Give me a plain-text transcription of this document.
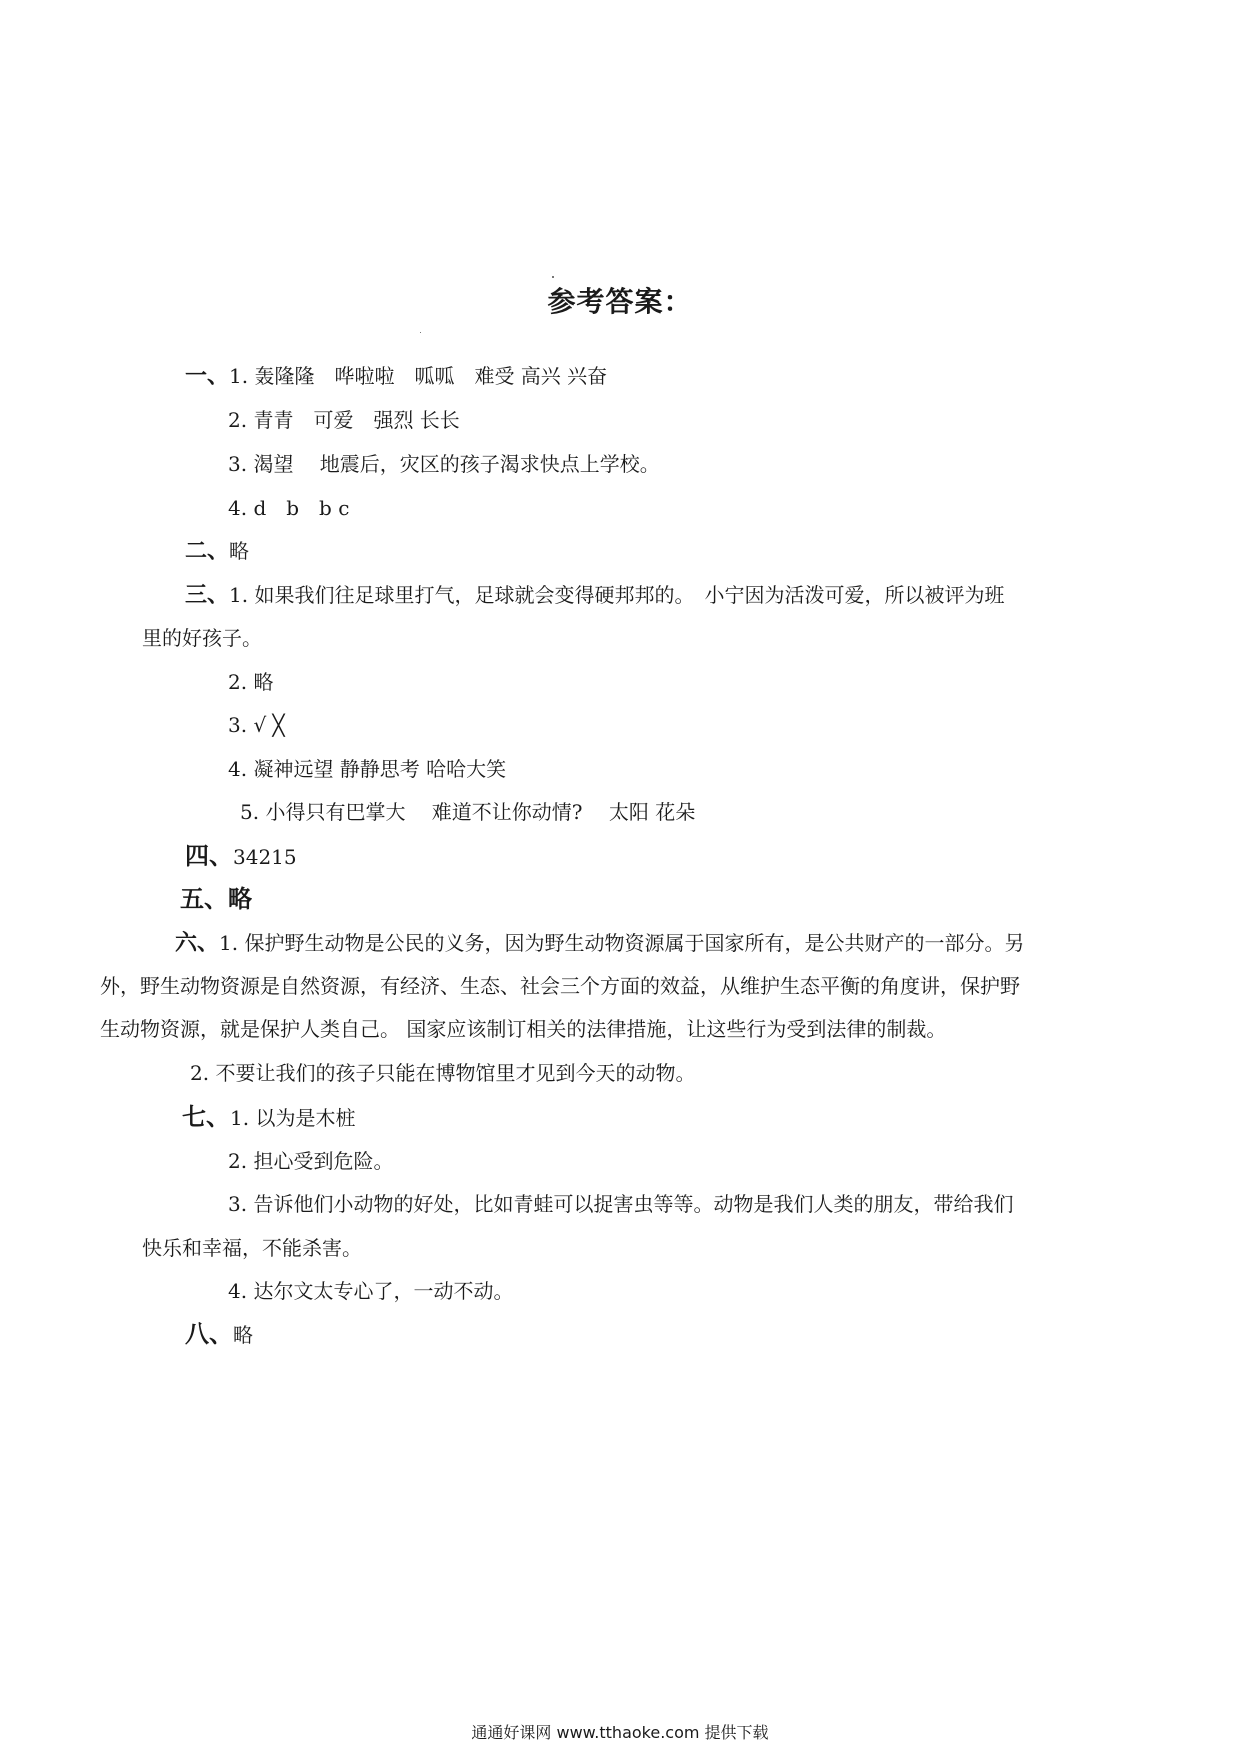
参考答案：
一、1. 轰隆隆　哗啦啦　呱呱　难受 高兴 兴奋
2. 青青　可爱　强烈 长长
3. 渴望　 地震后，灾区的孩子渴求快点上学校。
4. d　b　b c
二、略
三、1. 如果我们往足球里打气，足球就会变得硬邦邦的。　小宁因为活泼可爱，所以被评为班
里的好孩子。
2. 略
3. √ ╳
4. 凝神远望 静静思考 哈哈大笑
5. 小得只有巴掌大　 难道不让你动情?　 太阳 花朵
四、34215
五、略
六、1. 保护野生动物是公民的义务，因为野生动物资源属于国家所有，是公共财产的一部分。另
外，野生动物资源是自然资源，有经济、生态、社会三个方面的效益，从维护生态平衡的角度讲，保护野
生动物资源，就是保护人类自己。 国家应该制订相关的法律措施，让这些行为受到法律的制裁。
2. 不要让我们的孩子只能在博物馆里才见到今天的动物。
七、1. 以为是木桩
2. 担心受到危险。
3. 告诉他们小动物的好处，比如青蛙可以捉害虫等等。动物是我们人类的朋友，带给我们
快乐和幸福，不能杀害。
4. 达尔文太专心了，一动不动。
八、略
通通好课网 www.tthaoke.com 提供下载
